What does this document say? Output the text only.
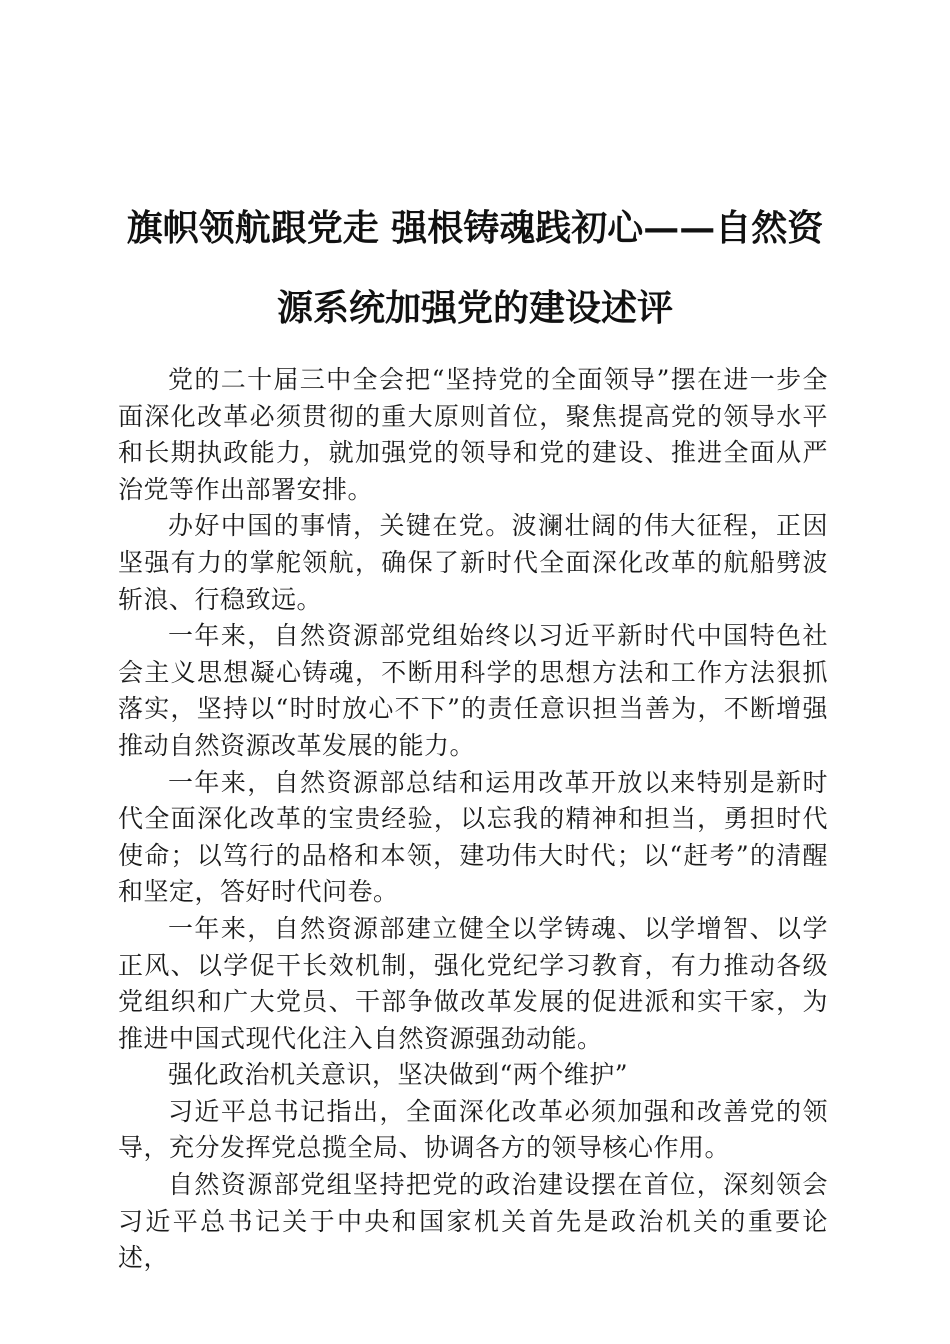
旗帜领航跟党走 强根铸魂践初心——自然资
源系统加强党的建设述评

党的二十届三中全会把“坚持党的全面领导”摆在进一步全面深化改革必须贯彻的重大原则首位，聚焦提高党的领导水平和长期执政能力，就加强党的领导和党的建设、推进全面从严治党等作出部署安排。

办好中国的事情，关键在党。波澜壮阔的伟大征程，正因坚强有力的掌舵领航，确保了新时代全面深化改革的航船劈波斩浪、行稳致远。

一年来，自然资源部党组始终以习近平新时代中国特色社会主义思想凝心铸魂，不断用科学的思想方法和工作方法狠抓落实，坚持以“时时放心不下”的责任意识担当善为，不断增强推动自然资源改革发展的能力。

一年来，自然资源部总结和运用改革开放以来特别是新时代全面深化改革的宝贵经验，以忘我的精神和担当，勇担时代使命；以笃行的品格和本领，建功伟大时代；以“赶考”的清醒和坚定，答好时代问卷。

一年来，自然资源部建立健全以学铸魂、以学增智、以学正风、以学促干长效机制，强化党纪学习教育，有力推动各级党组织和广大党员、干部争做改革发展的促进派和实干家，为推进中国式现代化注入自然资源强劲动能。

强化政治机关意识，坚决做到“两个维护”

习近平总书记指出，全面深化改革必须加强和改善党的领导，充分发挥党总揽全局、协调各方的领导核心作用。

自然资源部党组坚持把党的政治建设摆在首位，深刻领会习近平总书记关于中央和国家机关首先是政治机关的重要论述，
